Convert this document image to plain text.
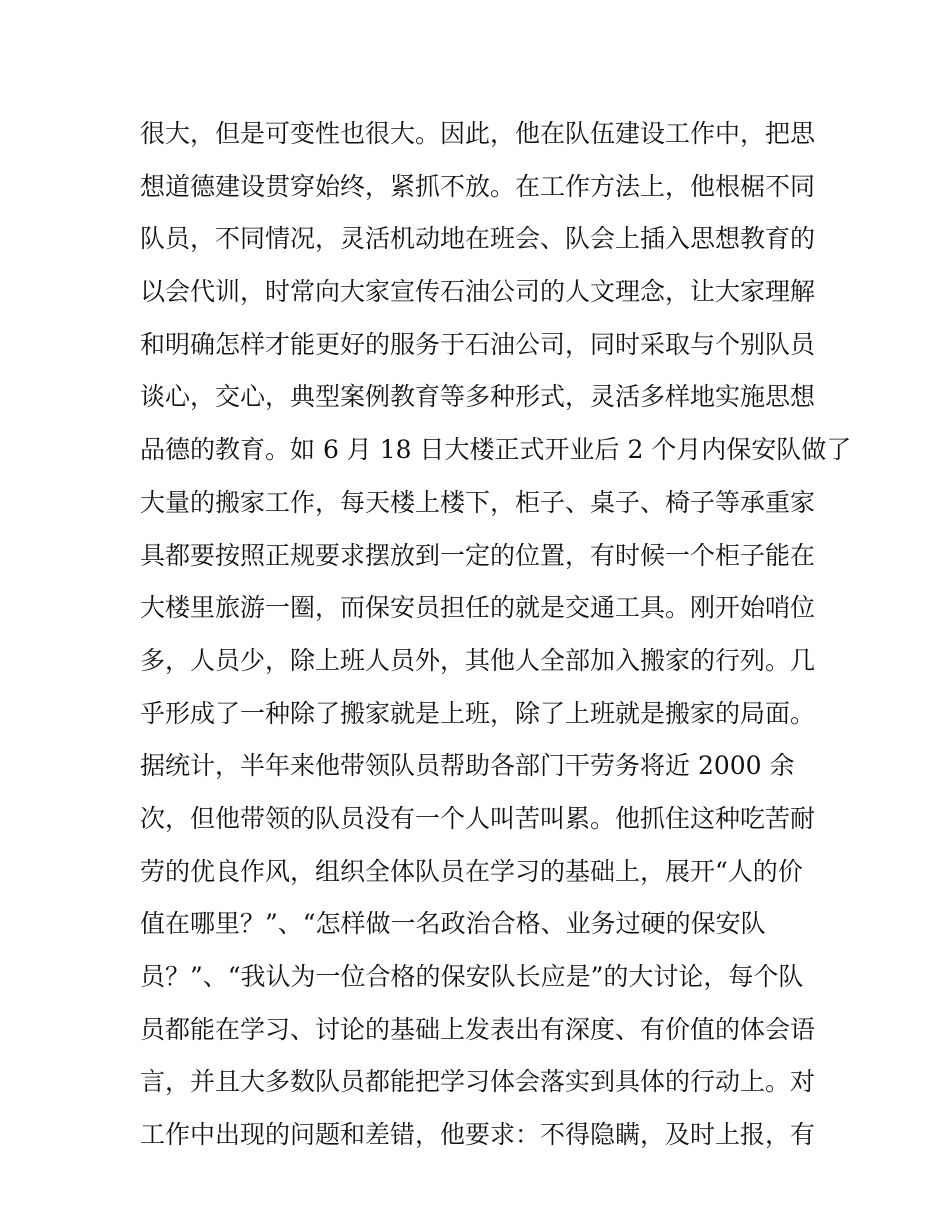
很大，但是可变性也很大。因此，他在队伍建设工作中，把思
想道德建设贯穿始终，紧抓不放。在工作方法上，他根椐不同
队员，不同情况，灵活机动地在班会、队会上插入思想教育的
以会代训，时常向大家宣传石油公司的人文理念，让大家理解
和明确怎样才能更好的服务于石油公司，同时采取与个别队员
谈心，交心，典型案例教育等多种形式，灵活多样地实施思想
品德的教育。如 6 月 18 日大楼正式开业后 2 个月内保安队做了
大量的搬家工作，每天楼上楼下，柜子、桌子、椅子等承重家
具都要按照正规要求摆放到一定的位置，有时候一个柜子能在
大楼里旅游一圈，而保安员担任的就是交通工具。刚开始哨位
多，人员少，除上班人员外，其他人全部加入搬家的行列。几
乎形成了一种除了搬家就是上班，除了上班就是搬家的局面。
据统计，半年来他带领队员帮助各部门干劳务将近 2000 余
次，但他带领的队员没有一个人叫苦叫累。他抓住这种吃苦耐
劳的优良作风，组织全体队员在学习的基础上，展开“人的价
值在哪里？”、“怎样做一名政治合格、业务过硬的保安队
员？”、“我认为一位合格的保安队长应是”的大讨论，每个队
员都能在学习、讨论的基础上发表出有深度、有价值的体会语
言，并且大多数队员都能把学习体会落实到具体的行动上。对
工作中出现的问题和差错，他要求：不得隐瞒，及时上报，有
